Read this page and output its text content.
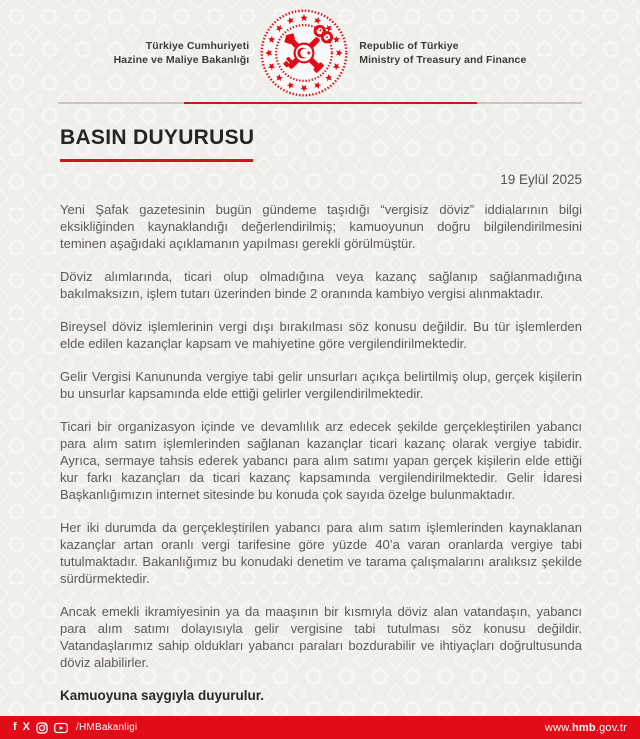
Türkiye Cumhuriyeti
Hazine ve Maliye Bakanlığı
Republic of Türkiye
Ministry of Treasury and Finance
BASIN DUYURUSU
19 Eylül 2025

Yeni Şafak gazetesinin bugün gündeme taşıdığı “vergisiz döviz” iddialarının bilgi eksikliğinden kaynaklandığı değerlendirilmiş; kamuoyunun doğru bilgilendirilmesini teminen aşağıdaki açıklamanın yapılması gerekli görülmüştür.

Döviz alımlarında, ticari olup olmadığına veya kazanç sağlanıp sağlanmadığına bakılmaksızın, işlem tutarı üzerinden binde 2 oranında kambiyo vergisi alınmaktadır.

Bireysel döviz işlemlerinin vergi dışı bırakılması söz konusu değildir. Bu tür işlemlerden elde edilen kazançlar kapsam ve mahiyetine göre vergilendirilmektedir.

Gelir Vergisi Kanununda vergiye tabi gelir unsurları açıkça belirtilmiş olup, gerçek kişilerin bu unsurlar kapsamında elde ettiği gelirler vergilendirilmektedir.

Ticari bir organizasyon içinde ve devamlılık arz edecek şekilde gerçekleştirilen yabancı para alım satım işlemlerinden sağlanan kazançlar ticari kazanç olarak vergiye tabidir. Ayrıca, sermaye tahsis ederek yabancı para alım satımı yapan gerçek kişilerin elde ettiği kur farkı kazançları da ticari kazanç kapsamında vergilendirilmektedir. Gelir İdaresi Başkanlığımızın internet sitesinde bu konuda çok sayıda özelge bulunmaktadır.

Her iki durumda da gerçekleştirilen yabancı para alım satım işlemlerinden kaynaklanan kazançlar artan oranlı vergi tarifesine göre yüzde 40’a varan oranlarda vergiye tabi tutulmaktadır. Bakanlığımız bu konudaki denetim ve tarama çalışmalarını aralıksız şekilde sürdürmektedir.

Ancak emekli ikramiyesinin ya da maaşının bir kısmıyla döviz alan vatandaşın, yabancı para alım satımı dolayısıyla gelir vergisine tabi tutulması söz konusu değildir. Vatandaşlarımız sahip oldukları yabancı paraları bozdurabilir ve ihtiyaçları doğrultusunda döviz alabilirler.

Kamuoyuna saygıyla duyurulur.

f X	/HMBakanligi	www.hmb.gov.tr
